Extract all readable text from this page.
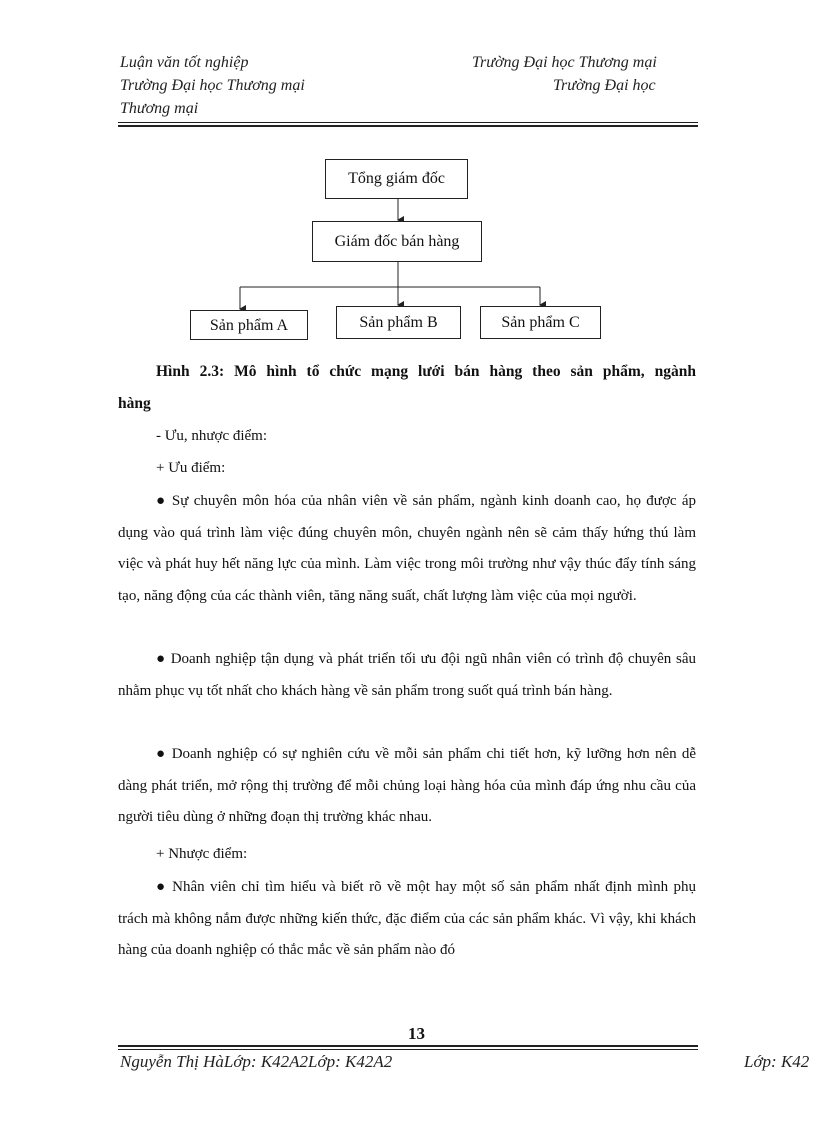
Luận văn tốt nghiệp	Trường Đại học Thương mại
Trường Đại học Thương mại	Trường Đại học
Thương mại
Tổng giám đốc
Giám đốc bán hàng
Sản phẩm A	Sản phẩm B	Sản phẩm C
Hình 2.3: Mô hình tổ chức mạng lưới bán hàng theo sản phẩm, ngành
hàng
- Ưu, nhược điểm:
+ Ưu điểm:
● Sự chuyên môn hóa của nhân viên về sản phẩm, ngành kinh doanh cao, họ được áp dụng vào quá trình làm việc đúng chuyên môn, chuyên ngành nên sẽ cảm thấy hứng thú làm việc và phát huy hết năng lực của mình. Làm việc trong môi trường như vậy thúc đẩy tính sáng tạo, năng động của các thành viên, tăng năng suất, chất lượng làm việc của mọi người.
● Doanh nghiệp tận dụng và phát triển tối ưu đội ngũ nhân viên có trình độ chuyên sâu nhằm phục vụ tốt nhất cho khách hàng về sản phẩm trong suốt quá trình bán hàng.
● Doanh nghiệp có sự nghiên cứu về mỗi sản phẩm chi tiết hơn, kỹ lưỡng hơn nên dễ dàng phát triển, mở rộng thị trường để mỗi chủng loại hàng hóa của mình đáp ứng nhu cầu của người tiêu dùng ở những đoạn thị trường khác nhau.
+ Nhược điểm:
● Nhân viên chỉ tìm hiểu và biết rõ về một hay một số sản phẩm nhất định mình phụ trách mà không nắm được những kiến thức, đặc điểm của các sản phẩm khác. Vì vậy, khi khách hàng của doanh nghiệp có thắc mắc về sản phẩm nào đó
13
Nguyễn Thị HàLớp: K42A2Lớp: K42A2	Lớp: K42
